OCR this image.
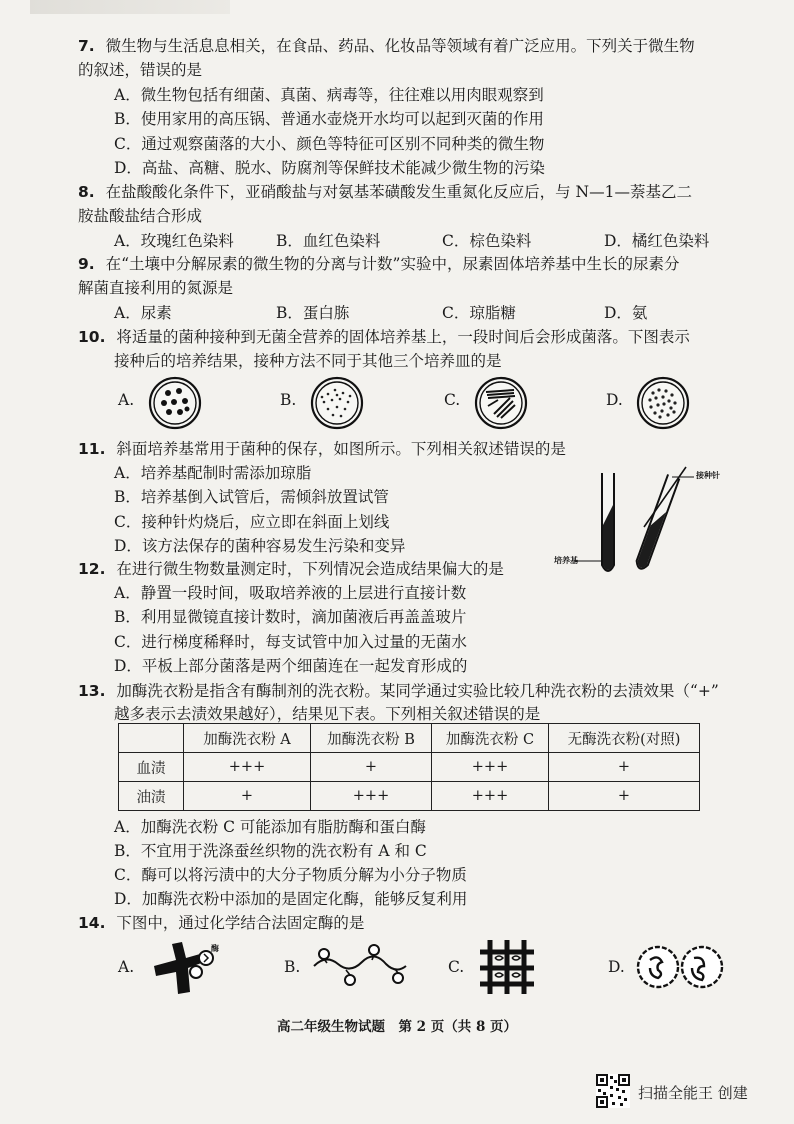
7. 微生物与生活息息相关，在食品、药品、化妆品等领域有着广泛应用。下列关于微生物
的叙述，错误的是
A．微生物包括有细菌、真菌、病毒等，往往难以用肉眼观察到
B．使用家用的高压锅、普通水壶烧开水均可以起到灭菌的作用
C．通过观察菌落的大小、颜色等特征可区别不同种类的微生物
D．高盐、高糖、脱水、防腐剂等保鲜技术能减少微生物的污染
8. 在盐酸酸化条件下，亚硝酸盐与对氨基苯磺酸发生重氮化反应后，与 N—1—萘基乙二
胺盐酸盐结合形成
A．玫瑰红色染料	B．血红色染料	C．棕色染料	D．橘红色染料
9. 在“土壤中分解尿素的微生物的分离与计数”实验中，尿素固体培养基中生长的尿素分
解菌直接利用的氮源是
A．尿素	B．蛋白胨	C．琼脂糖	D．氨
10. 将适量的菌种接种到无菌全营养的固体培养基上，一段时间后会形成菌落。下图表示
接种后的培养结果，接种方法不同于其他三个培养皿的是
A.	B.	C.	D.
11. 斜面培养基常用于菌种的保存，如图所示。下列相关叙述错误的是
A．培养基配制时需添加琼脂
B．培养基倒入试管后，需倾斜放置试管
C．接种针灼烧后，应立即在斜面上划线
D．该方法保存的菌种容易发生污染和变异
接种针
培养基
12. 在进行微生物数量测定时，下列情况会造成结果偏大的是
A．静置一段时间，吸取培养液的上层进行直接计数
B．利用显微镜直接计数时，滴加菌液后再盖盖玻片
C．进行梯度稀释时，每支试管中加入过量的无菌水
D．平板上部分菌落是两个细菌连在一起发育形成的
13. 加酶洗衣粉是指含有酶制剂的洗衣粉。某同学通过实验比较几种洗衣粉的去渍效果（“+”
越多表示去渍效果越好），结果见下表。下列相关叙述错误的是
	加酶洗衣粉 A	加酶洗衣粉 B	加酶洗衣粉 C	无酶洗衣粉(对照)
血渍	+++	+	+++	+
油渍	+	+++	+++	+
A．加酶洗衣粉 C 可能添加有脂肪酶和蛋白酶
B．不宜用于洗涤蚕丝织物的洗衣粉有 A 和 C
C．酶可以将污渍中的大分子物质分解为小分子物质
D．加酶洗衣粉中添加的是固定化酶，能够反复利用
14. 下图中，通过化学结合法固定酶的是
A.
酶
B.	C.	D.
高二年级生物试题　第 2 页（共 8 页）
扫描全能王 创建
